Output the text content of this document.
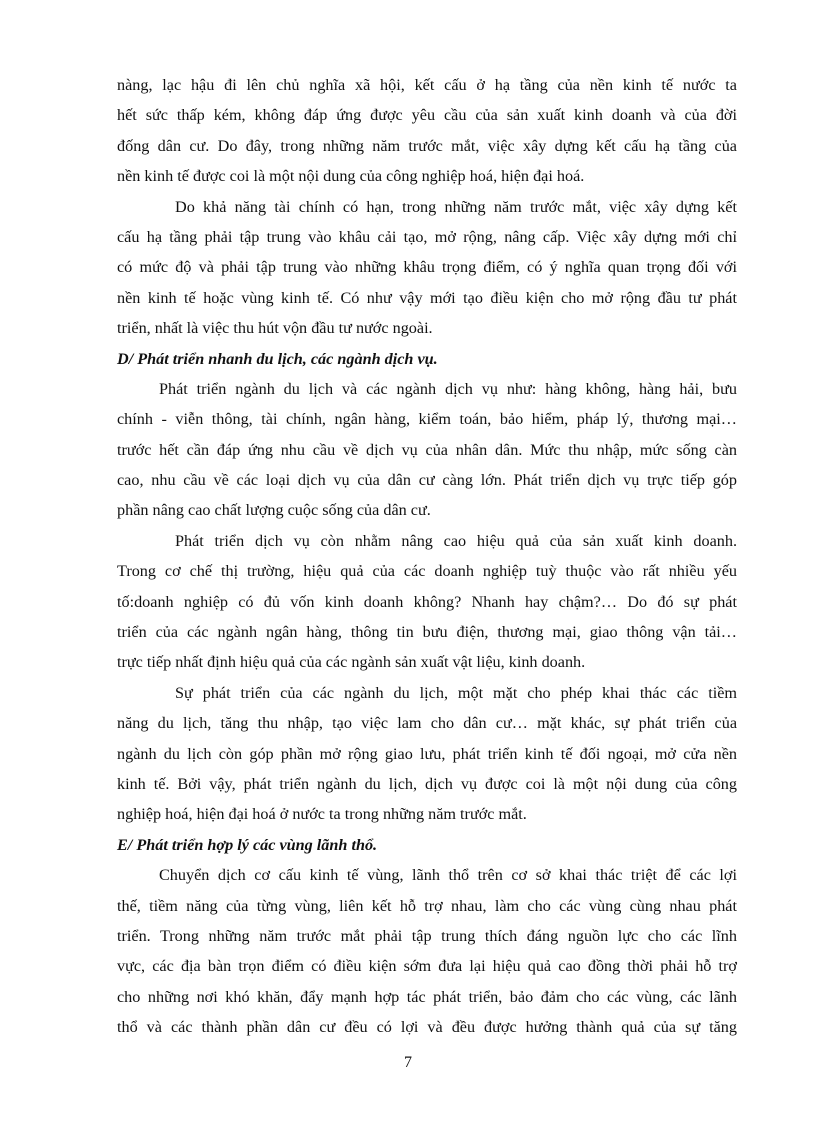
nàng, lạc hậu đi lên chủ nghĩa xã hội, kết cấu ở hạ tầng của nền kinh tế nước ta
hết sức thấp kém, không đáp ứng được yêu cầu của sản xuất kinh doanh và của đời
đống dân cư. Do đây, trong những năm trước mắt, việc xây dựng kết cấu hạ tầng của
nền kinh tế được coi là một nội dung của công nghiệp hoá, hiện đại hoá.
Do khả năng tài chính có hạn, trong những năm trước mắt, việc xây dựng kết
cấu hạ tầng phải tập trung vào khâu cải tạo, mở rộng, nâng cấp. Việc xây dựng mới chỉ
có mức độ và phải tập trung vào những khâu trọng điểm, có ý nghĩa quan trọng đối với
nền kinh tế hoặc vùng kinh tế. Có như vậy mới tạo điều kiện cho mở rộng đầu tư phát
triển, nhất là việc thu hút vộn đầu tư nước ngoài.
D/ Phát triển nhanh du lịch, các ngành dịch vụ.
Phát triển ngành du lịch và các ngành dịch vụ như: hàng không, hàng hải, bưu
chính - viễn thông, tài chính, ngân hàng, kiểm toán, bảo hiểm, pháp lý, thương mại…
trước hết cần đáp ứng nhu cầu về dịch vụ của nhân dân. Mức thu nhập, mức sống càn
cao, nhu cầu về các loại dịch vụ của dân cư càng lớn. Phát triển dịch vụ trực tiếp góp
phần nâng cao chất lượng cuộc sống của dân cư.
Phát triển dịch vụ còn nhằm nâng cao hiệu quả của sản xuất kinh doanh.
Trong cơ chế thị trường, hiệu quả của các doanh nghiệp tuỳ thuộc vào rất nhiều yếu
tố:doanh nghiệp có đủ vốn kinh doanh không? Nhanh hay chậm?… Do đó sự phát
triển của các ngành ngân hàng, thông tin bưu điện, thương mại, giao thông vận tải…
trực tiếp nhất định hiệu quả của các ngành sản xuất vật liệu, kinh doanh.
Sự phát triển của các ngành du lịch, một mặt cho phép khai thác các tiềm
năng du lịch, tăng thu nhập, tạo việc lam cho dân cư… mặt khác, sự phát triển của
ngành du lịch còn góp phần mở rộng giao lưu, phát triển kinh tế đối ngoại, mở cửa nền
kinh tế. Bởi vậy, phát triển ngành du lịch, dịch vụ được coi là một nội dung của công
nghiệp hoá, hiện đại hoá ở nước ta trong những năm trước mắt.
E/ Phát triển hợp lý các vùng lãnh thổ.
Chuyển dịch cơ cấu kinh tế vùng, lãnh thổ trên cơ sở khai thác triệt để các lợi
thế, tiềm năng của từng vùng, liên kết hỗ trợ nhau, làm cho các vùng cùng nhau phát
triển. Trong những năm trước mắt phải tập trung thích đáng nguồn lực cho các lĩnh
vực, các địa bàn trọn điểm có điều kiện sớm đưa lại hiệu quả cao đồng thời phải hỗ trợ
cho những nơi khó khăn, đẩy mạnh hợp tác phát triển, bảo đảm cho các vùng, các lãnh
thổ và các thành phần dân cư đều có lợi và đều được hưởng thành quả của sự tăng
7
